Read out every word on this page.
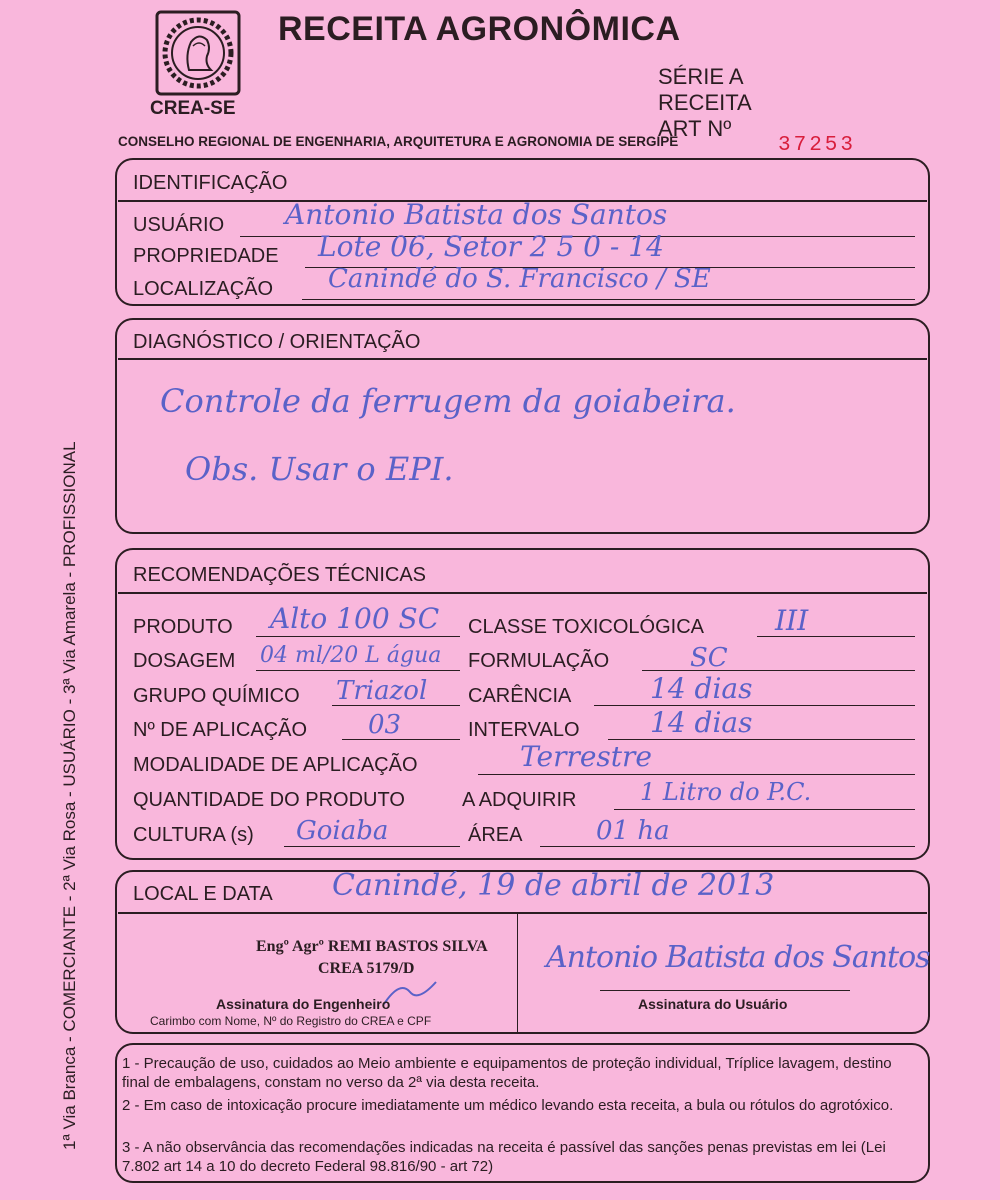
CREA-SE
RECEITA AGRONÔMICA
CONSELHO REGIONAL DE ENGENHARIA, ARQUITETURA E AGRONOMIA DE SERGIPE
SÉRIE A
RECEITA
ART Nº
37253
1ª Via Branca - COMERCIANTE - 2ª Via Rosa - USUÁRIO - 3ª Via Amarela - PROFISSIONAL
IDENTIFICAÇÃO
USUÁRIO Antonio Batista dos Santos
PROPRIEDADE Lote 06, Setor 2 5 0 - 14
LOCALIZAÇÃO Canindé do S. Francisco / SE
DIAGNÓSTICO / ORIENTAÇÃO
Controle da ferrugem da goiabeira.
Obs. Usar o EPI.
RECOMENDAÇÕES TÉCNICAS
PRODUTO Alto 100 SC CLASSE TOXICOLÓGICA	III
DOSAGEM 04 ml/20 L água FORMULAÇÃO	SC
GRUPO QUÍMICO Triazol CARÊNCIA	14 dias
Nº DE APLICAÇÃO 03	INTERVALO	14 dias
MODALIDADE DE APLICAÇÃO	Terrestre
QUANTIDADE DO PRODUTO	A ADQUIRIR	1 Litro do P.C.
CULTURA (s) Goiaba	ÁREA	01 ha
LOCAL E DATA Canindé, 19 de abril de 2013
Engº Agrº REMI BASTOS SILVA
CREA 5179/D
Assinatura do Engenheiro
Carimbo com Nome, Nº do Registro do CREA e CPF
Antonio Batista dos Santos
Assinatura do Usuário
1 - Precaução de uso, cuidados ao Meio ambiente e equipamentos de proteção individual, Tríplice lavagem, destino final de embalagens, constam no verso da 2ª via desta receita.
2 - Em caso de intoxicação procure imediatamente um médico levando esta receita, a bula ou rótulos do agrotóxico.
3 - A não observância das recomendações indicadas na receita é passível das sanções penas previstas em lei (Lei 7.802 art 14 a 10 do decreto Federal 98.816/90 - art 72)
